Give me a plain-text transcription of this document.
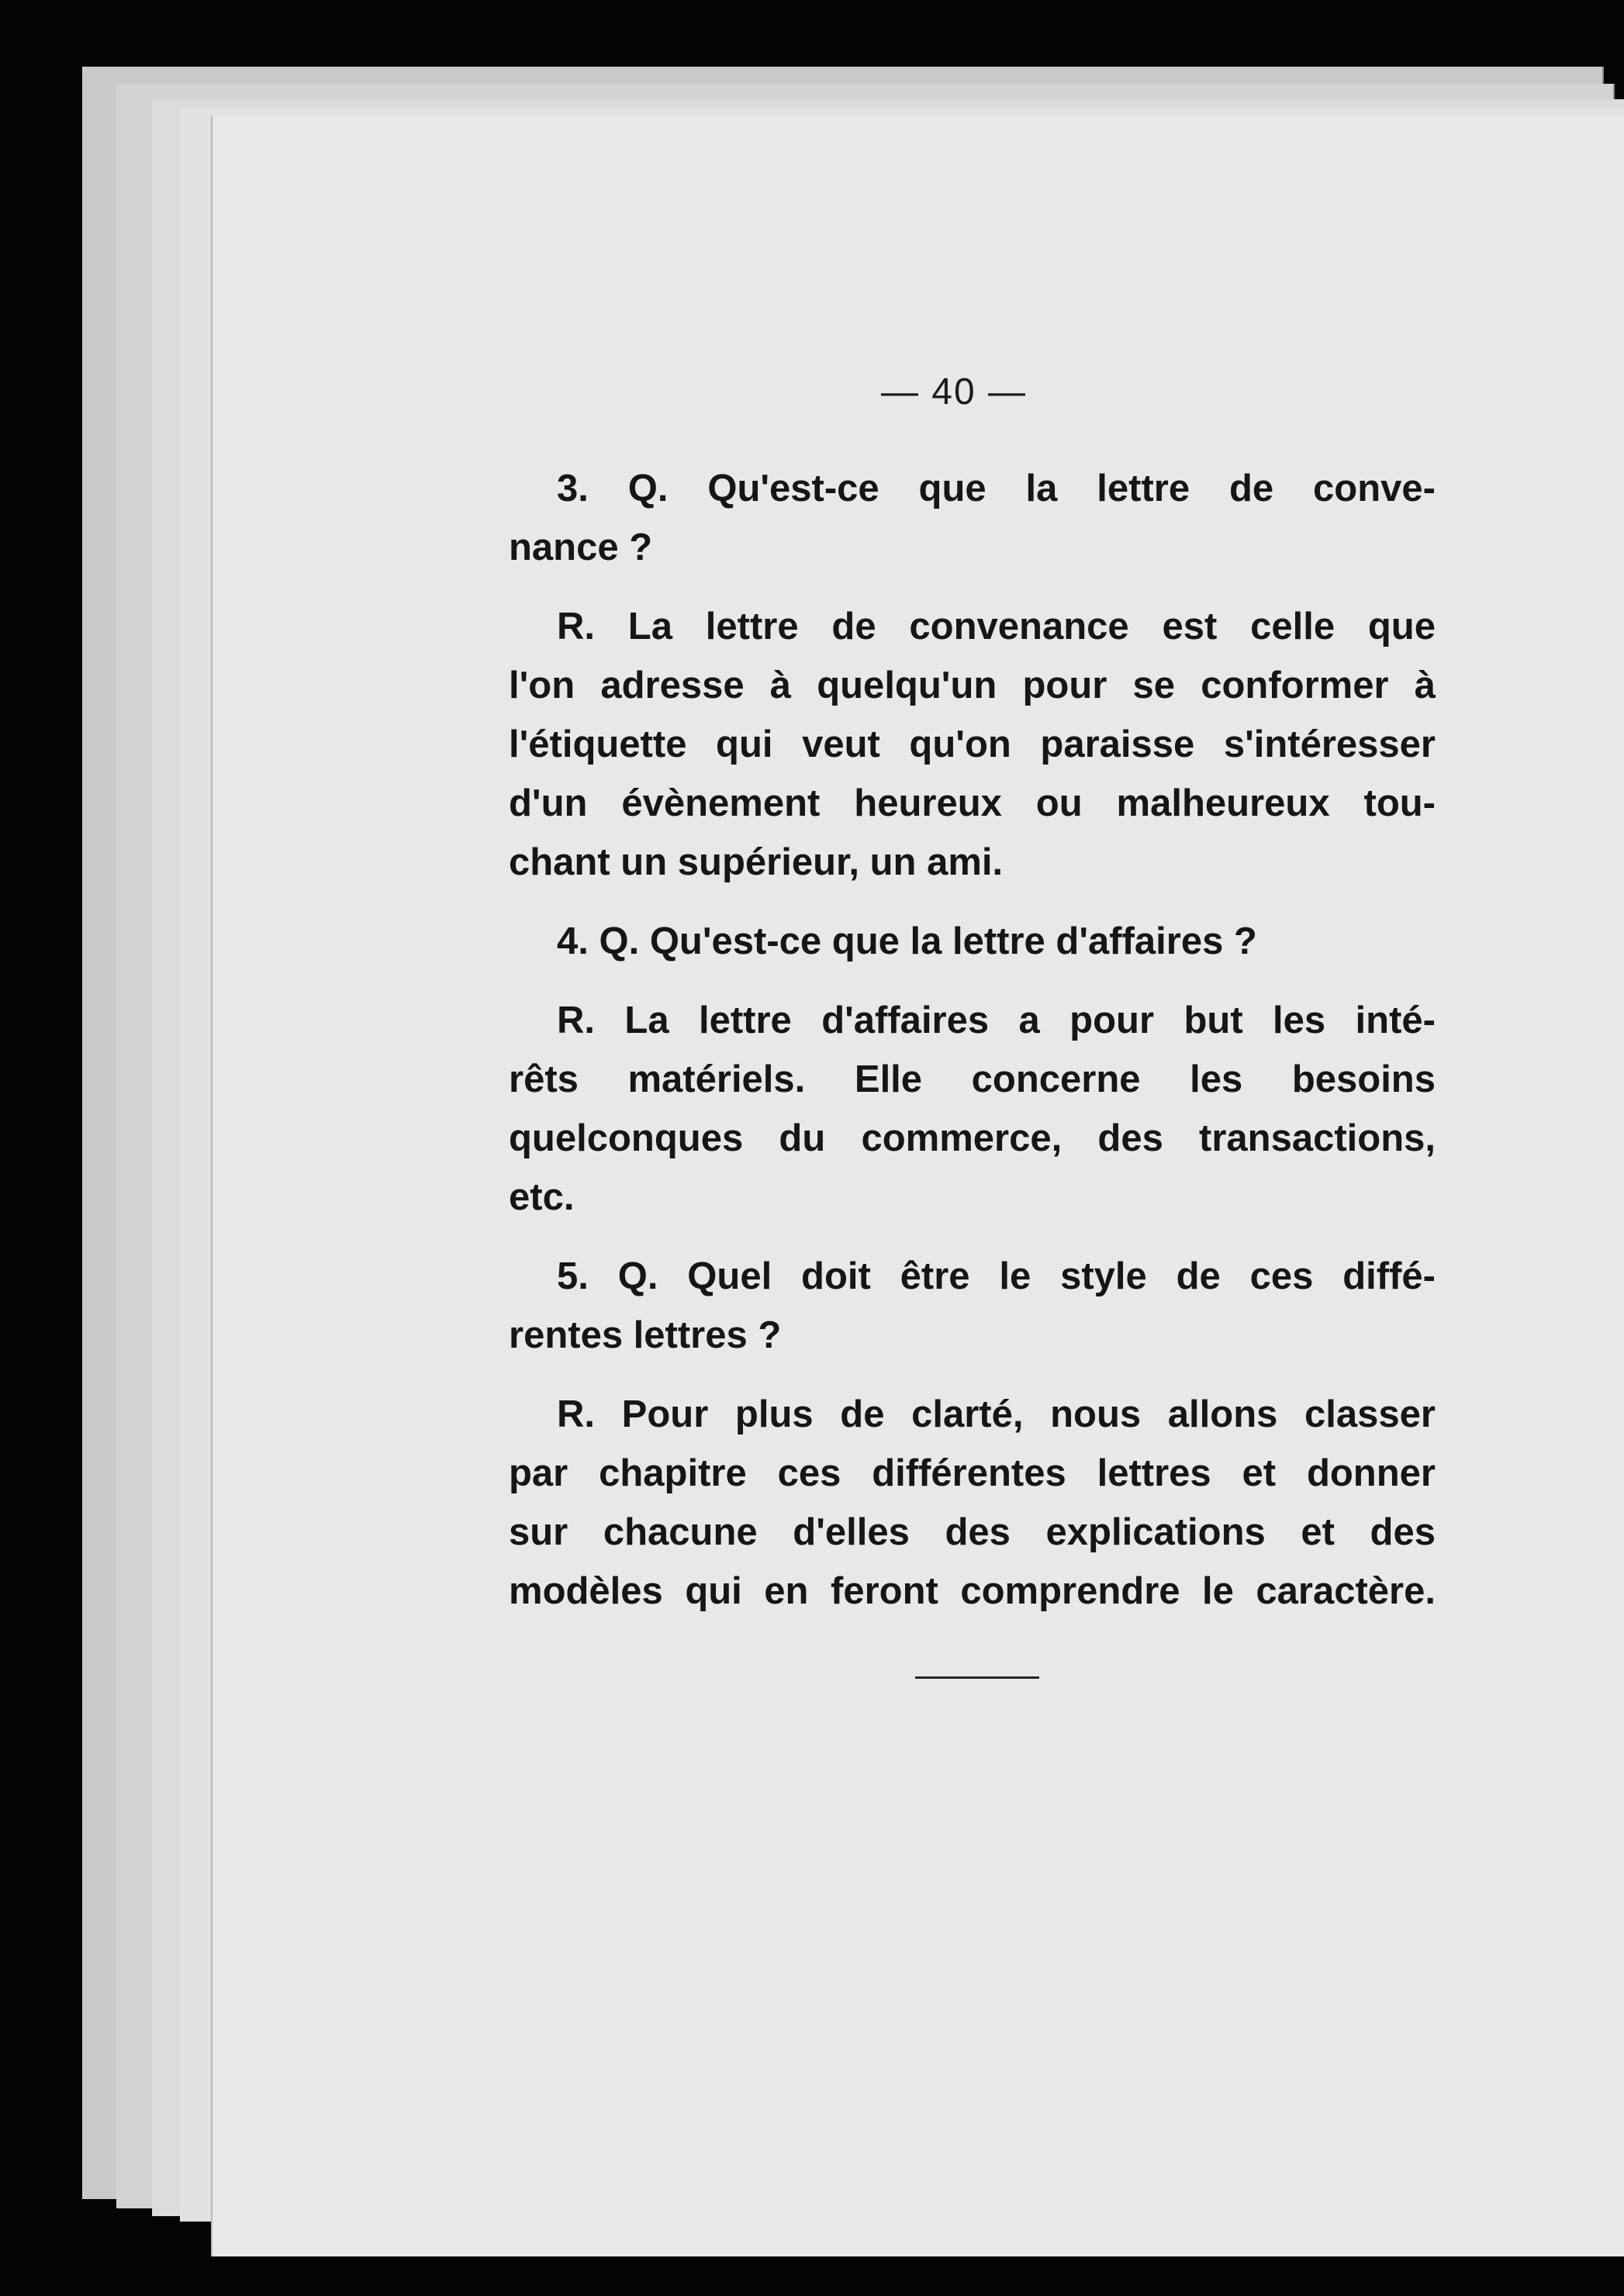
— 40 —
3. Q. Qu'est-ce que la lettre de conve-
nance ?
R. La lettre de convenance est celle que
l'on adresse à quelqu'un pour se conformer à
l'étiquette qui veut qu'on paraisse s'intéresser
d'un évènement heureux ou malheureux tou-
chant un supérieur, un ami.
4. Q. Qu'est-ce que la lettre d'affaires ?
R. La lettre d'affaires a pour but les inté-
rêts matériels. Elle concerne les besoins
quelconques du commerce, des transactions,
etc.
5. Q. Quel doit être le style de ces diffé-
rentes lettres ?
R. Pour plus de clarté, nous allons classer
par chapitre ces différentes lettres et donner
sur chacune d'elles des explications et des
modèles qui en feront comprendre le caractère.
